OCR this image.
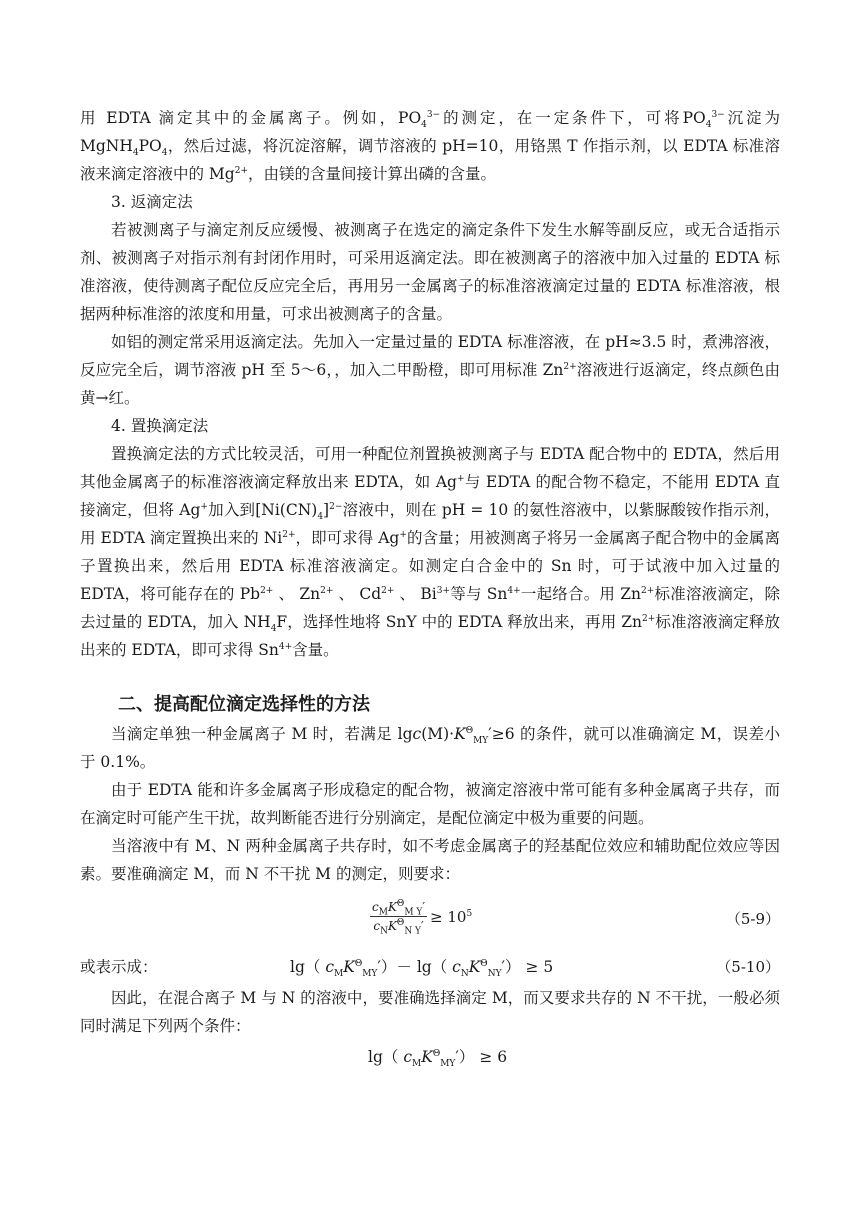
用 EDTA 滴定其中的金属离子。例如，$PO_4^{3-}$的测定，在一定条件下，可将$PO_4^{3-}$沉淀为 $MgNH_4PO_4$，然后过滤，将沉淀溶解，调节溶液的 pH=10，用铬黑 T 作指示剂，以 EDTA 标准溶液来滴定溶液中的 $Mg^{2+}$，由镁的含量间接计算出磷的含量。

3. 返滴定法

若被测离子与滴定剂反应缓慢、被测离子在选定的滴定条件下发生水解等副反应，或无合适指示剂、被测离子对指示剂有封闭作用时，可采用返滴定法。即在被测离子的溶液中加入过量的 EDTA 标准溶液，使待测离子配位反应完全后，再用另一金属离子的标准溶液滴定过量的 EDTA 标准溶液，根据两种标准溶的浓度和用量，可求出被测离子的含量。

如铝的测定常采用返滴定法。先加入一定量过量的 EDTA 标准溶液，在 pH≈3.5 时，煮沸溶液，反应完全后，调节溶液 pH 至 5～6，，加入二甲酚橙，即可用标准 $Zn^{2+}$溶液进行返滴定，终点颜色由黄→红。

4. 置换滴定法

置换滴定法的方式比较灵活，可用一种配位剂置换被测离子与 EDTA 配合物中的 EDTA，然后用其他金属离子的标准溶液滴定释放出来 EDTA，如 Ag+与 EDTA 的配合物不稳定，不能用 EDTA 直接滴定，但将 Ag+加入到$[Ni(CN)_4]^{2-}$溶液中，则在 pH = 10 的氨性溶液中，以紫脲酸铵作指示剂，用 EDTA 滴定置换出来的 $Ni^{2+}$，即可求得 Ag+的含量；用被测离子将另一金属离子配合物中的金属离子置换出来，然后用 EDTA 标准溶液滴定。如测定白合金中的 Sn 时，可于试液中加入过量的 EDTA，将可能存在的 $Pb^{2+}$ 、 $Zn^{2+}$ 、 $Cd^{2+}$ 、 $Bi^{3+}$等与 $Sn^{4+}$一起络合。用 $Zn^{2+}$标准溶液滴定，除去过量的 EDTA，加入 $NH_4F$，选择性地将 SnY 中的 EDTA 释放出来，再用 $Zn^{2+}$标准溶液滴定释放出来的 EDTA，即可求得 $Sn^{4+}$含量。

二、提高配位滴定选择性的方法

当滴定单独一种金属离子 M 时，若满足 $\lg c(M)\cdot K^\Theta_{MY}'\ge 6$ 的条件，就可以准确滴定 M，误差小于 0.1%。

由于 EDTA 能和许多金属离子形成稳定的配合物，被滴定溶液中常可能有多种金属离子共存，而在滴定时可能产生干扰，故判断能否进行分别滴定，是配位滴定中极为重要的问题。

当溶液中有 M、N 两种金属离子共存时，如不考虑金属离子的羟基配位效应和辅助配位效应等因素。要准确滴定 M，而 N 不干扰 M 的测定，则要求：

$c_MK^\Theta_{M Y}'$
$c_NK^\Theta_{N Y}' \ge 10^5$	（5-9）
或表示成：	lg（ $c_MK^\Theta_{MY}')- \lg$（ $c_NK^\Theta_{NY}') \ge 5$	（5-10）

因此，在混合离子 M 与 N 的溶液中，要准确选择滴定 M，而又要求共存的 N 不干扰，一般必须同时满足下列两个条件：

lg（ $c_MK^\Theta_{MY}') \ge 6$
